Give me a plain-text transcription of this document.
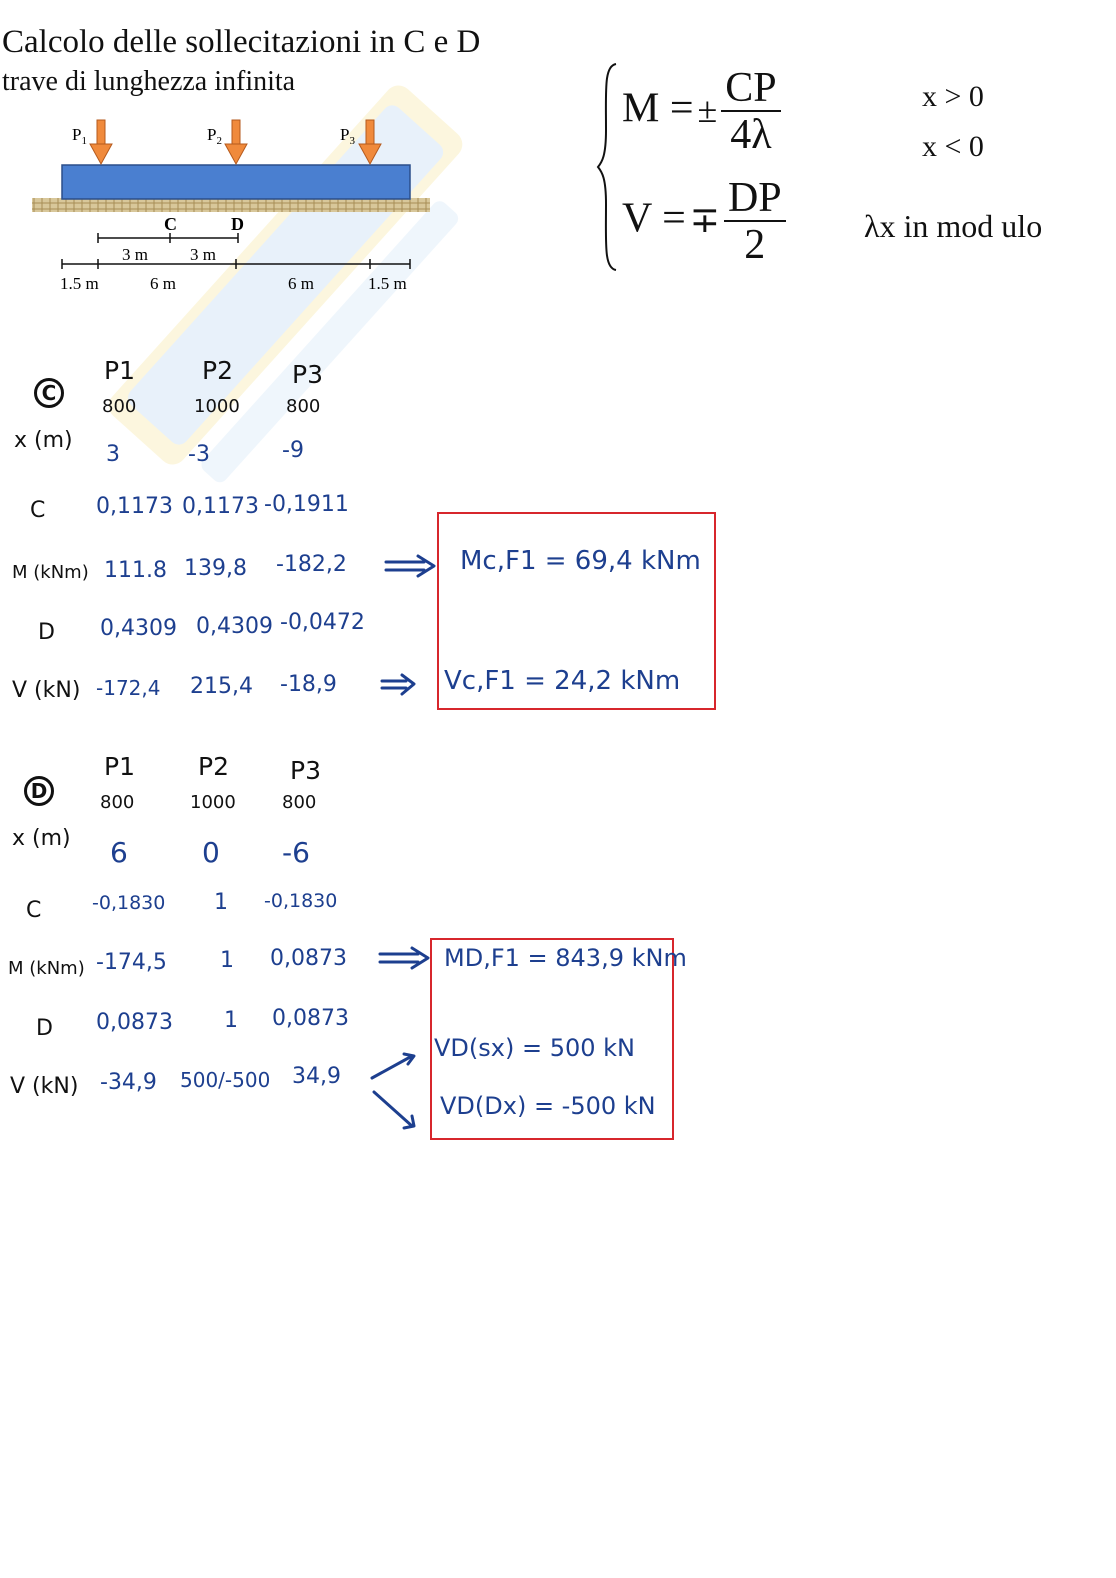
Calcolo delle sollecitazioni in C e D
trave di lunghezza infinita
$P_1$	$P_2$	$P_3$
C	D
3 m 3 m
1.5 m	6 m	6 m	1.5 m
M = ± $\frac{CP}{4\lambda}$
V = ∓ $\frac{DP}{2}$
x > 0
x < 0
λx in mod ulo
C
P1	P2 P3
800	1000	800
x (m)
3	-3	-9
C 0,1173 0,1173 -0,1911
M (kNm) 111.8 139,8 -182,2
D 0,4309 0,4309 -0,0472
V (kN) -172,4 215,4 -18,9
Mc,F1 = 69,4 kNm
Vc,F1 = 24,2 kNm
D
P1	P2 P3
800	1000	800
x (m) 6	0 -6
C	-0,1830 1 -0,1830
M (kNm) -174,5 1 0,0873
D 0,0873 1 0,0873
V (kN) -34,9 500/-500 34,9
MD,F1 = 843,9 kNm
VD(sx) = 500 kN
VD(Dx) = -500 kN
